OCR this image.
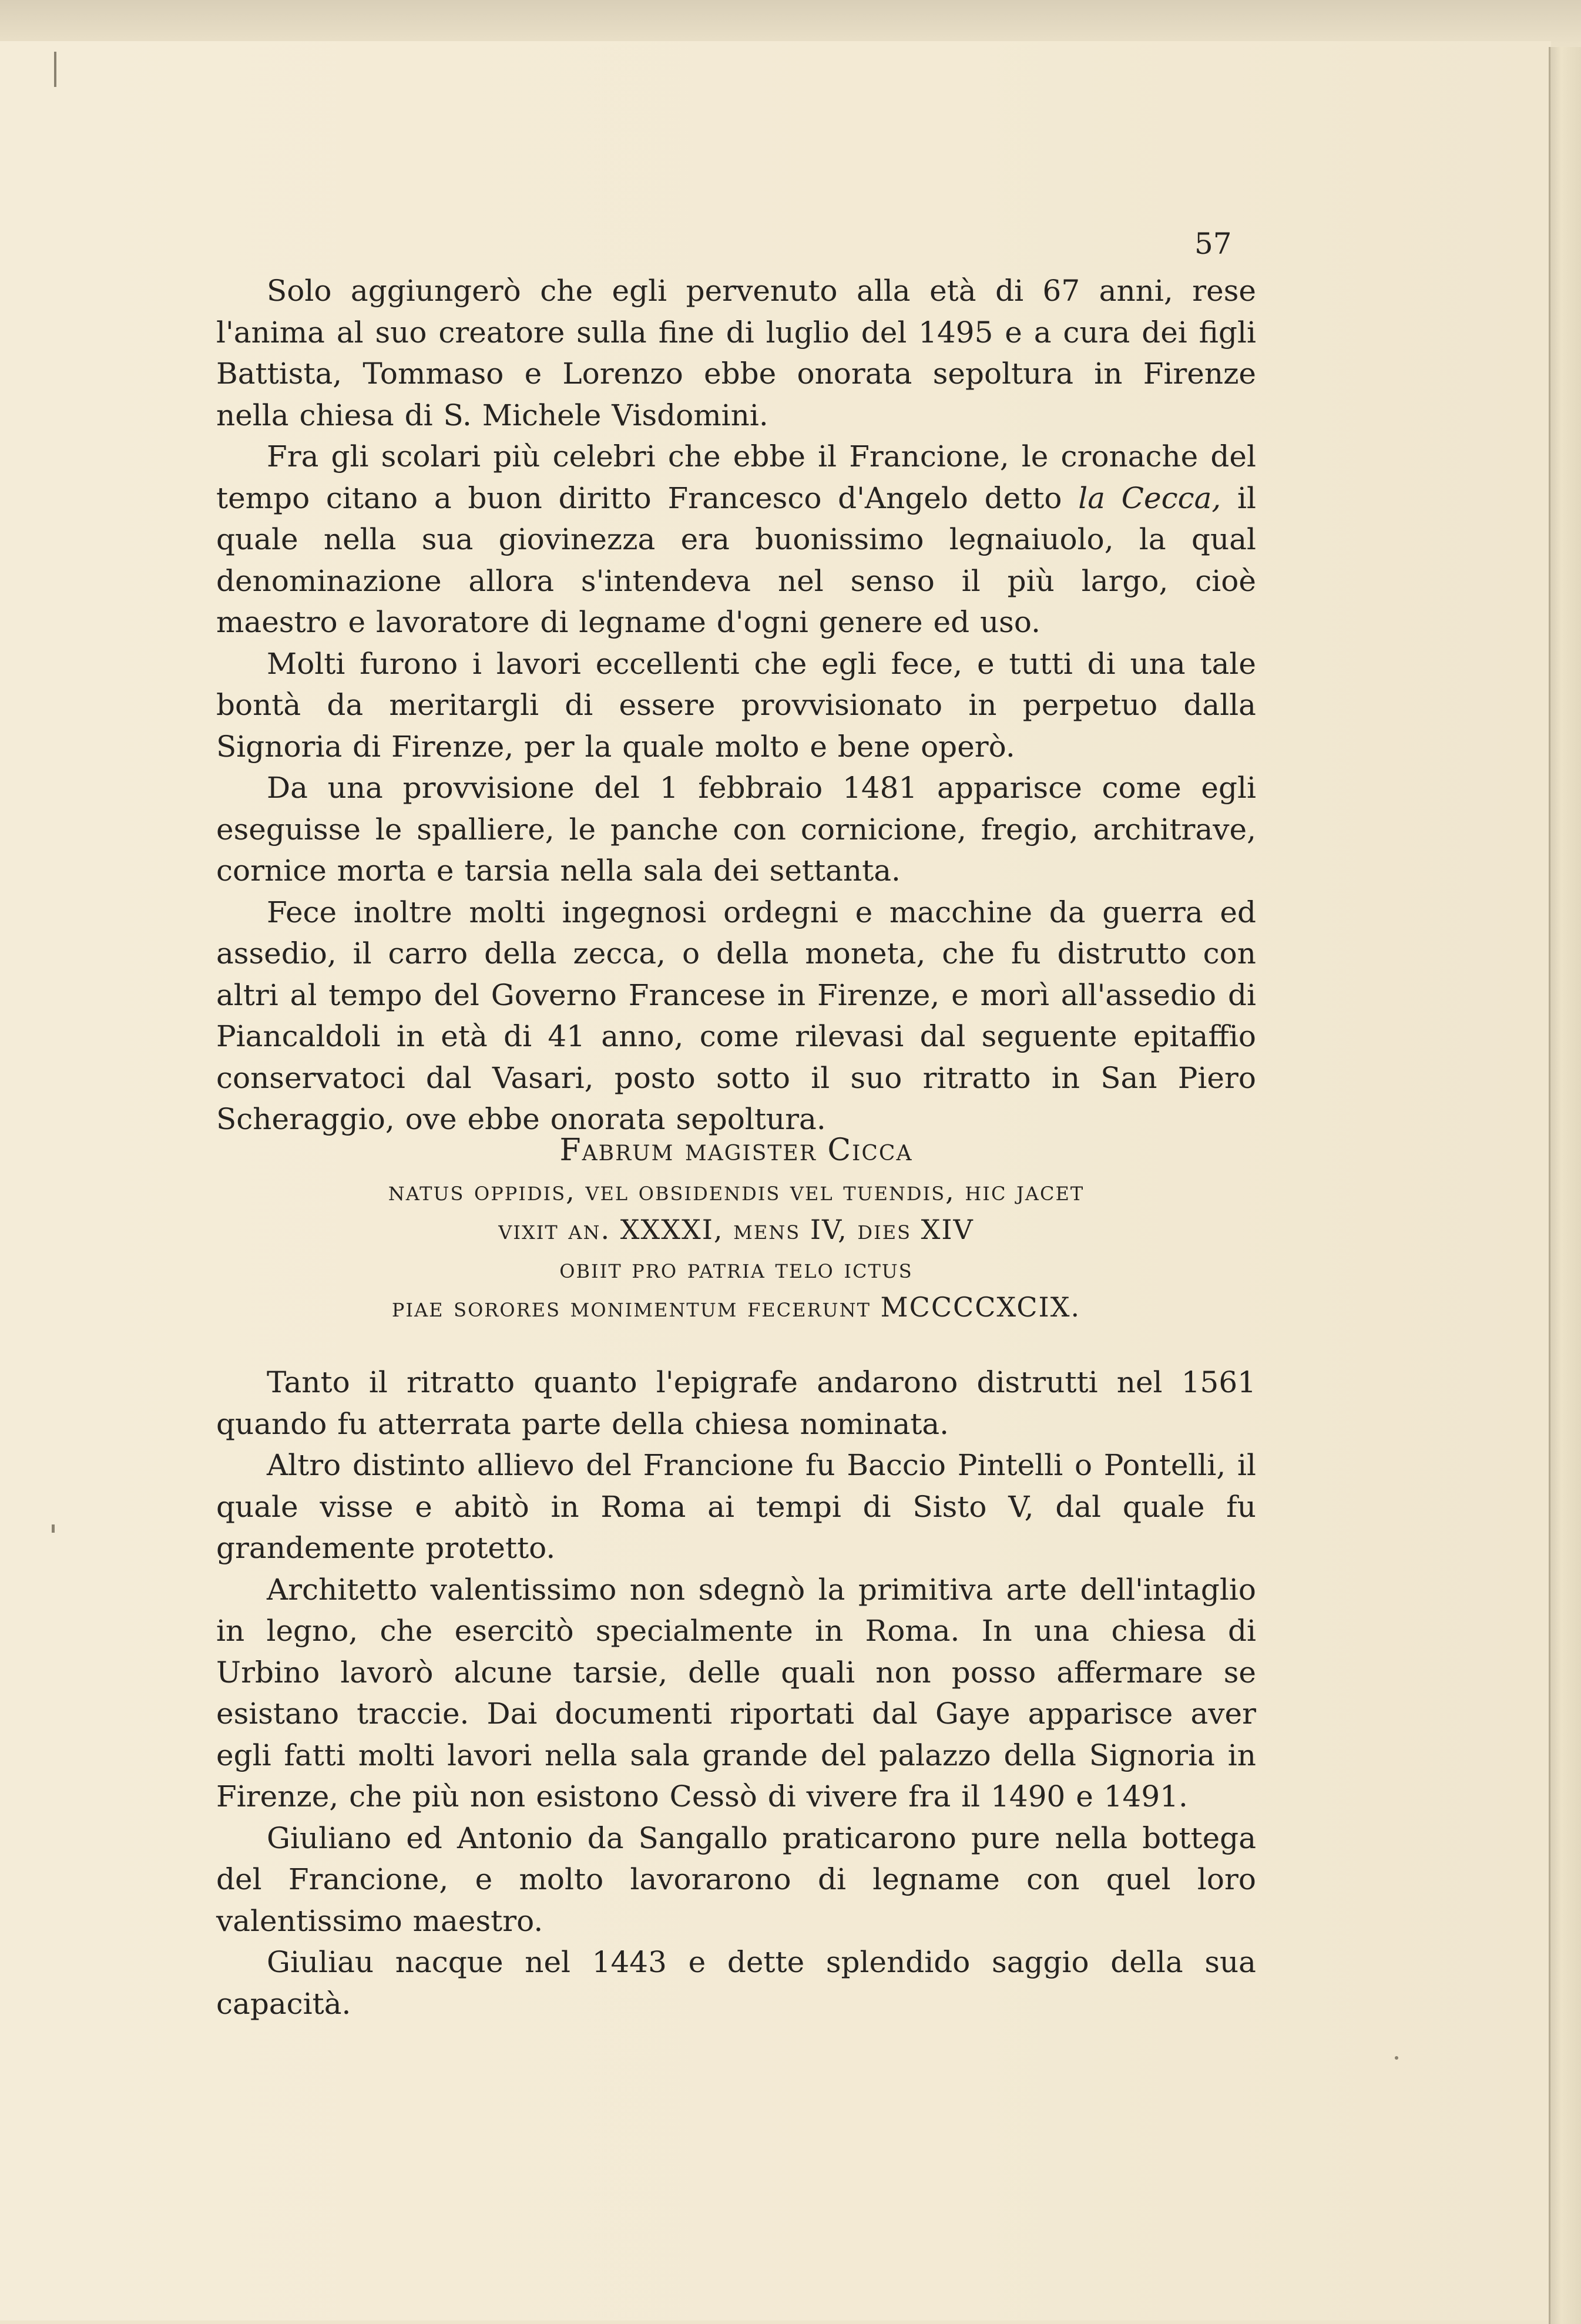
57

Solo aggiungerò che egli pervenuto alla età di 67 anni, rese l'anima al suo creatore sulla fine di luglio del 1495 e a cura dei figli Battista, Tommaso e Lorenzo ebbe onorata sepoltura in Firenze nella chiesa di S. Michele Visdomini.

Fra gli scolari più celebri che ebbe il Francione, le cronache del tempo citano a buon diritto Francesco d'Angelo detto la Cecca, il quale nella sua giovinezza era buonissimo legnaiuolo, la qual denominazione allora s'intendeva nel senso il più largo, cioè maestro e lavoratore di legname d'ogni genere ed uso.

Molti furono i lavori eccellenti che egli fece, e tutti di una tale bontà da meritargli di essere provvisionato in perpetuo dalla Signoria di Firenze, per la quale molto e bene operò.

Da una provvisione del 1 febbraio 1481 apparisce come egli eseguisse le spalliere, le panche con cornicione, fregio, architrave, cornice morta e tarsia nella sala dei settanta.

Fece inoltre molti ingegnosi ordegni e macchine da guerra ed assedio, il carro della zecca, o della moneta, che fu distrutto con altri al tempo del Governo Francese in Firenze, e morì all'assedio di Piancaldoli in età di 41 anno, come rilevasi dal seguente epitaffio conservatoci dal Vasari, posto sotto il suo ritratto in San Piero Scheraggio, ove ebbe onorata sepoltura.

Fabrum magister Cicca
natus oppidis, vel obsidendis vel tuendis, hic jacet
vixit an. XXXXI, mens IV, dies XIV
obiit pro patria telo ictus
piae sorores monimentum fecerunt MCCCCXCIX.

Tanto il ritratto quanto l'epigrafe andarono distrutti nel 1561 quando fu atterrata parte della chiesa nominata.

Altro distinto allievo del Francione fu Baccio Pintelli o Pontelli, il quale visse e abitò in Roma ai tempi di Sisto V, dal quale fu grandemente protetto.

Architetto valentissimo non sdegnò la primitiva arte dell'intaglio in legno, che esercitò specialmente in Roma. In una chiesa di Urbino lavorò alcune tarsie, delle quali non posso affermare se esistano traccie. Dai documenti riportati dal Gaye apparisce aver egli fatti molti lavori nella sala grande del palazzo della Signoria in Firenze, che più non esistono Cessò di vivere fra il 1490 e 1491.

Giuliano ed Antonio da Sangallo praticarono pure nella bottega del Francione, e molto lavorarono di legname con quel loro valentissimo maestro.

Giuliau nacque nel 1443 e dette splendido saggio della sua capacità.
